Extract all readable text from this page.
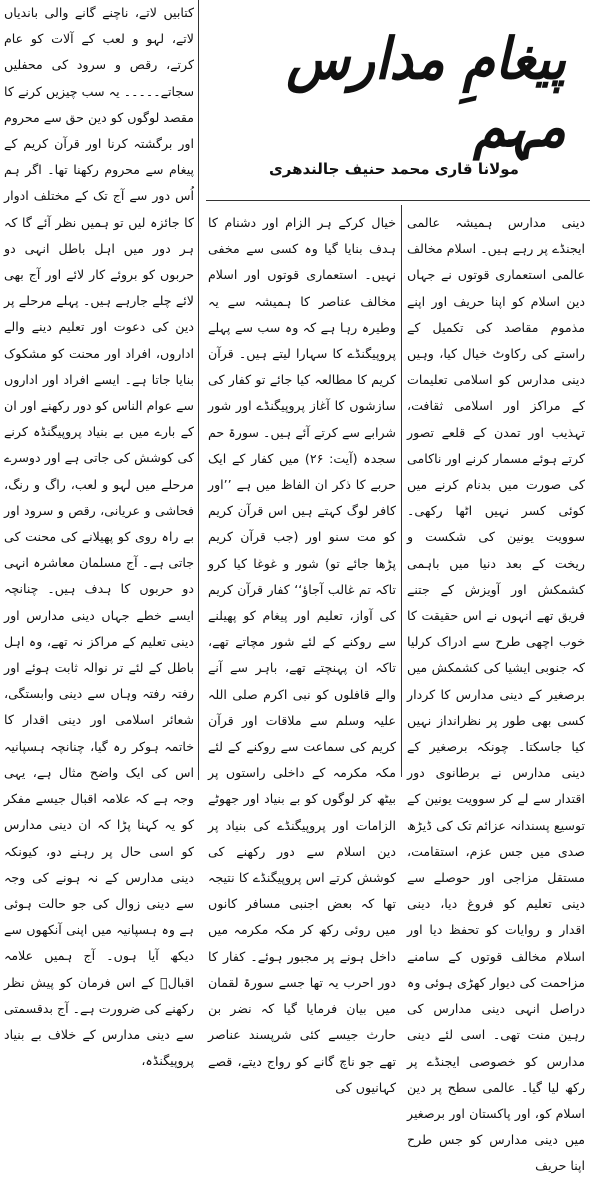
کتابیں لاتے، ناچنے گانے والی باندیاں لاتے، لہو و لعب کے آلات کو عام کرتے، رقص و سرود کی محفلیں سجاتے۔۔۔۔۔ یہ سب چیزیں کرنے کا مقصد لوگوں کو دین حق سے محروم اور برگشتہ کرنا اور قرآن کریم کے پیغام سے محروم رکھنا تھا۔ اگر ہم اُس دور سے آج تک کے مختلف ادوار کا جائزہ لیں تو ہمیں نظر آئے گا کہ ہر دور میں اہل باطل انہی دو حربوں کو بروئے کار لائے اور آج بھی لائے چلے جارہے ہیں۔ پہلے مرحلے پر دین کی دعوت اور تعلیم دینے والے اداروں، افراد اور محنت کو مشکوک بنایا جاتا ہے۔ ایسے افراد اور اداروں سے عوام الناس کو دور رکھنے اور ان کے بارے میں بے بنیاد پروپیگنڈہ کرنے کی کوشش کی جاتی ہے اور دوسرے مرحلے میں لہو و لعب، راگ و رنگ، فحاشی و عریانی، رقص و سرود اور بے راہ روی کو پھیلانے کی محنت کی جاتی ہے۔ آج مسلمان معاشرہ انہی دو حربوں کا ہدف ہیں۔ چنانچہ ایسے خطے جہاں دینی مدارس اور دینی تعلیم کے مراکز نہ تھے، وہ اہل باطل کے لئے تر نوالہ ثابت ہوئے اور رفتہ رفتہ وہاں سے دینی وابستگی، شعائر اسلامی اور دینی اقدار کا خاتمہ ہوکر رہ گیا، چنانچہ ہسپانیہ اس کی ایک واضح مثال ہے، یہی وجہ ہے کہ علامہ اقبال جیسے مفکر کو یہ کہنا پڑا کہ ان دینی مدارس کو اسی حال پر رہنے دو، کیونکہ دینی مدارس کے نہ ہونے کی وجہ سے دینی زوال کی جو حالت ہوئی ہے وہ ہسپانیہ میں اپنی آنکھوں سے دیکھ آیا ہوں۔ آج ہمیں علامہ اقبالؒ کے اس فرمان کو پیش نظر رکھنے کی ضرورت ہے۔ آج بدقسمتی سے دینی مدارس کے خلاف بے بنیاد پروپیگنڈہ،

پیغامِ مدارس مہم
مولانا قاری محمد حنیف جالندھری

خیال کرکے ہر الزام اور دشنام کا ہدف بنایا گیا وہ کسی سے مخفی نہیں۔ استعماری قوتوں اور اسلام مخالف عناصر کا ہمیشہ سے یہ وطیرہ رہا ہے کہ وہ سب سے پہلے پروپیگنڈے کا سہارا لیتے ہیں۔ قرآن کریم کا مطالعہ کیا جائے تو کفار کی سازشوں کا آغاز پروپیگنڈے اور شور شرابے سے کرتے آئے ہیں۔ سورۃ حم سجدہ (آیت: ۲۶) میں کفار کے ایک حربے کا ذکر ان الفاظ میں ہے ’’اور کافر لوگ کہتے ہیں اس قرآن کریم کو مت سنو اور (جب قرآن کریم پڑھا جائے تو) شور و غوغا کیا کرو تاکہ تم غالب آجاؤ‘‘ کفار قرآن کریم کی آواز، تعلیم اور پیغام کو پھیلنے سے روکنے کے لئے شور مچاتے تھے، تاکہ ان پہنچتے تھے، باہر سے آنے والے قافلوں کو نبی اکرم صلی اللہ علیہ وسلم سے ملاقات اور قرآن کریم کی سماعت سے روکنے کے لئے مکہ مکرمہ کے داخلی راستوں پر بیٹھ کر لوگوں کو بے بنیاد اور جھوٹے الزامات اور پروپیگنڈے کی بنیاد پر دین اسلام سے دور رکھنے کی کوشش کرتے اس پروپیگنڈے کا نتیجہ تھا کہ بعض اجنبی مسافر کانوں میں روئی رکھ کر مکہ مکرمہ میں داخل ہونے پر مجبور ہوئے۔ کفار کا دور احرب یہ تھا جسے سورۃ لقمان میں بیان فرمایا گیا کہ نضر بن حارث جیسے کئی شرپسند عناصر تھے جو ناچ گانے کو رواج دیتے، قصے کہانیوں کی

دینی مدارس ہمیشہ عالمی ایجنڈے پر رہے ہیں۔ اسلام مخالف عالمی استعماری قوتوں نے جہاں دین اسلام کو اپنا حریف اور اپنے مذموم مقاصد کی تکمیل کے راستے کی رکاوٹ خیال کیا، وہیں دینی مدارس کو اسلامی تعلیمات کے مراکز اور اسلامی ثقافت، تہذیب اور تمدن کے قلعے تصور کرتے ہوئے مسمار کرنے اور ناکامی کی صورت میں بدنام کرنے میں کوئی کسر نہیں اٹھا رکھی۔ سوویت یونین کی شکست و ریخت کے بعد دنیا میں باہمی کشمکش اور آویزش کے جتنے فریق تھے انہوں نے اس حقیقت کا خوب اچھی طرح سے ادراک کرلیا کہ جنوبی ایشیا کی کشمکش میں برصغیر کے دینی مدارس کا کردار کسی بھی طور پر نظرانداز نہیں کیا جاسکتا۔ چونکہ برصغیر کے دینی مدارس نے برطانوی دور اقتدار سے لے کر سوویت یونین کے توسیع پسندانہ عزائم تک کی ڈیڑھ صدی میں جس عزم، استقامت، مستقل مزاجی اور حوصلے سے دینی تعلیم کو فروغ دیا، دینی اقدار و روایات کو تحفظ دیا اور اسلام مخالف قوتوں کے سامنے مزاحمت کی دیوار کھڑی ہوئی وہ دراصل انہی دینی مدارس کی رہین منت تھی۔ اسی لئے دینی مدارس کو خصوصی ایجنڈے پر رکھ لیا گیا۔ عالمی سطح پر دین اسلام کو، اور پاکستان اور برصغیر میں دینی مدارس کو جس طرح اپنا حریف
